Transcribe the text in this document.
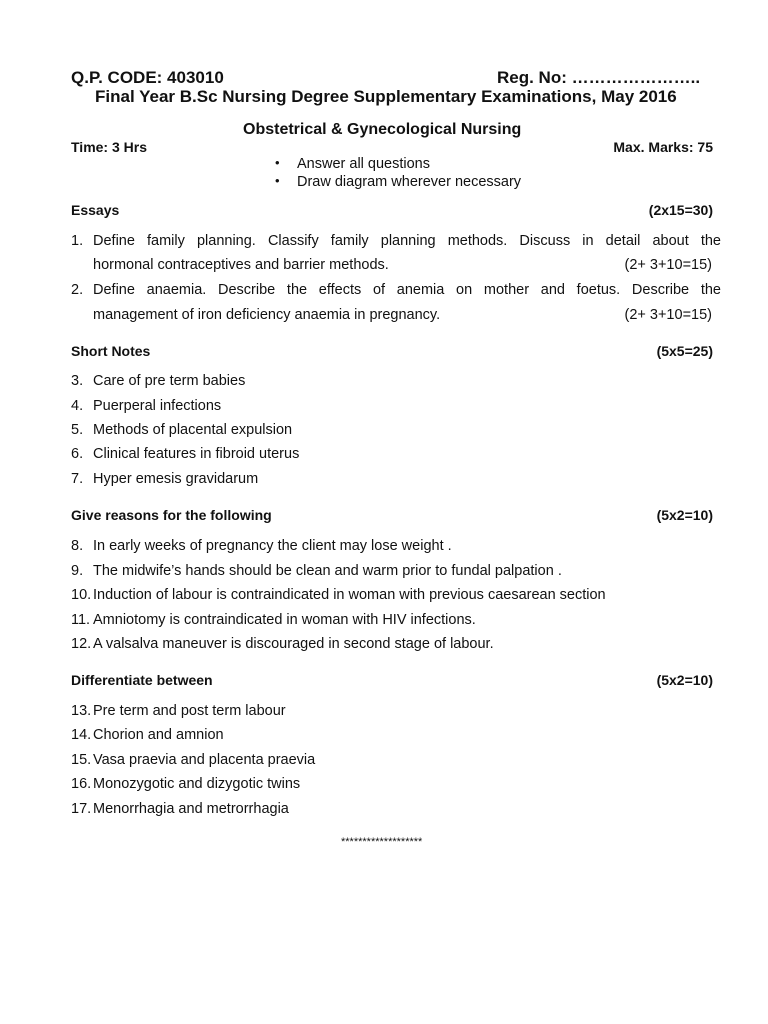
Q.P. CODE: 403010	Reg. No: …………………..
Final Year B.Sc Nursing Degree Supplementary Examinations, May 2016
Obstetrical & Gynecological Nursing
Time: 3 Hrs	Max. Marks: 75
• Answer all questions
• Draw diagram wherever necessary
Essays	(2x15=30)
1. Define family planning. Classify family planning methods. Discuss in detail about the
hormonal contraceptives and barrier methods.	(2+ 3+10=15)
2. Define anaemia. Describe the effects of anemia on mother and foetus. Describe the
management of iron deficiency anaemia in pregnancy.	(2+ 3+10=15)
Short Notes	(5x5=25)
3. Care of pre term babies
4. Puerperal infections
5. Methods of placental expulsion
6. Clinical features in fibroid uterus
7. Hyper emesis gravidarum
Give reasons for the following	(5x2=10)
8. In early weeks of pregnancy the client may lose weight .
9. The midwife’s hands should be clean and warm prior to fundal palpation .
10. Induction of labour is contraindicated in woman with previous caesarean section
11. Amniotomy is contraindicated in woman with HIV infections.
12. A valsalva maneuver is discouraged in second stage of labour.
Differentiate between	(5x2=10)
13. Pre term and post term labour
14. Chorion and amnion
15. Vasa praevia and placenta praevia
16. Monozygotic and dizygotic twins
17. Menorrhagia and metrorrhagia
*******************
